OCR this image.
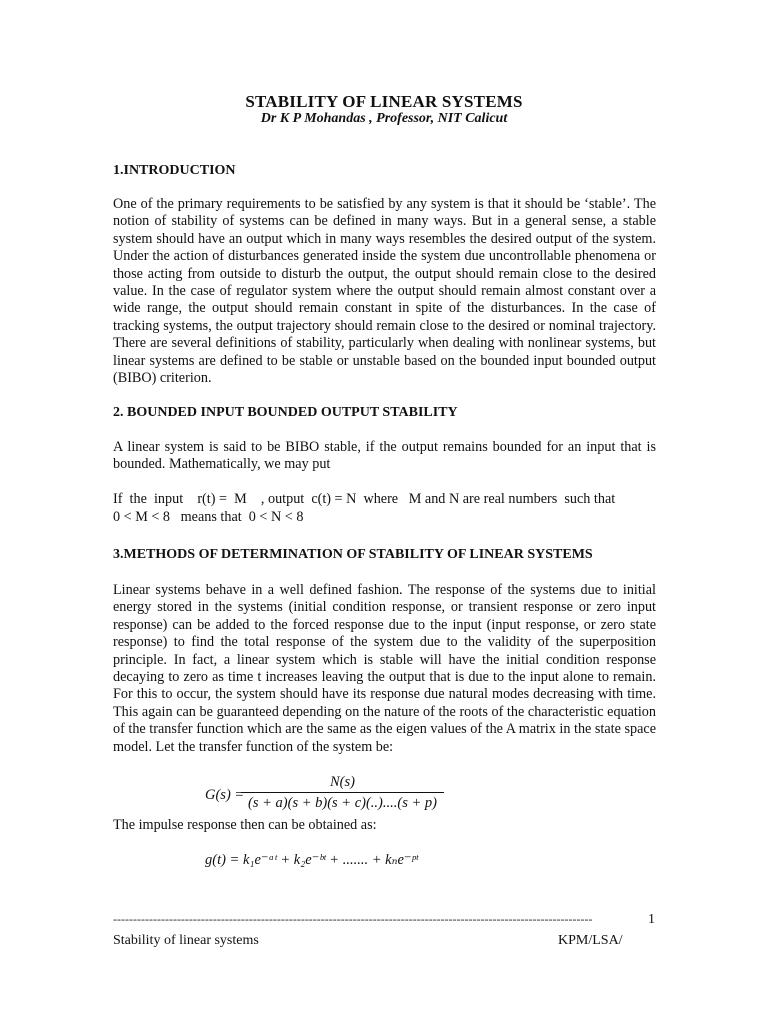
STABILITY OF LINEAR SYSTEMS
Dr K P Mohandas , Professor, NIT Calicut
1.INTRODUCTION
One of the primary requirements to be satisfied by any system is that it should be ‘stable’. The notion of stability of systems can be defined in many ways. But in a general sense, a stable system should have an output which in many ways resembles the desired output of the system. Under the action of disturbances generated inside the system due uncontrollable phenomena or those acting from outside to disturb the output, the output should remain close to the desired value. In the case of regulator system where the output should remain almost constant over a wide range, the output should remain constant in spite of the disturbances. In the case of tracking systems, the output trajectory should remain close to the desired or nominal trajectory. There are several definitions of stability, particularly when dealing with nonlinear systems, but linear systems are defined to be stable or unstable based on the bounded input bounded output (BIBO) criterion.
2. BOUNDED INPUT BOUNDED OUTPUT STABILITY
A linear system is said to be BIBO stable, if the output remains bounded for an input that is bounded. Mathematically, we may put
If  the  input    r(t) =  M    , output  c(t) = N  where   M and N are real numbers  such that
0 < M < 8   means that  0 < N < 8
3.METHODS OF DETERMINATION OF STABILITY OF LINEAR SYSTEMS
Linear systems behave in a well defined fashion. The response of the systems due to initial energy stored in the systems (initial condition response, or transient response or zero input response) can be added to the forced response due to the input (input response, or zero state response) to find the total response of the system due to the validity of the superposition principle. In fact, a linear system which is stable will have the initial condition response decaying to zero as time t increases leaving the output that is due to the input alone to remain. For this to occur, the system should have its response due natural modes decreasing with time. This again can be guaranteed depending on the nature of the roots of the characteristic equation of the transfer function which are the same as the eigen values of the A matrix in the state space model. Let the transfer function of the system be:
G(s) =
N(s)
(s + a)(s + b)(s + c)(..)....(s + p)
The impulse response then can be obtained as:
g(t) = k₁e⁻ᵃᵗ + k₂e⁻ᵇᵗ + ....... + kₙe⁻ᵖᵗ
------------------------------------------------------------------------------------------------------------------------	1
Stability of linear systems	KPM/LSA/
